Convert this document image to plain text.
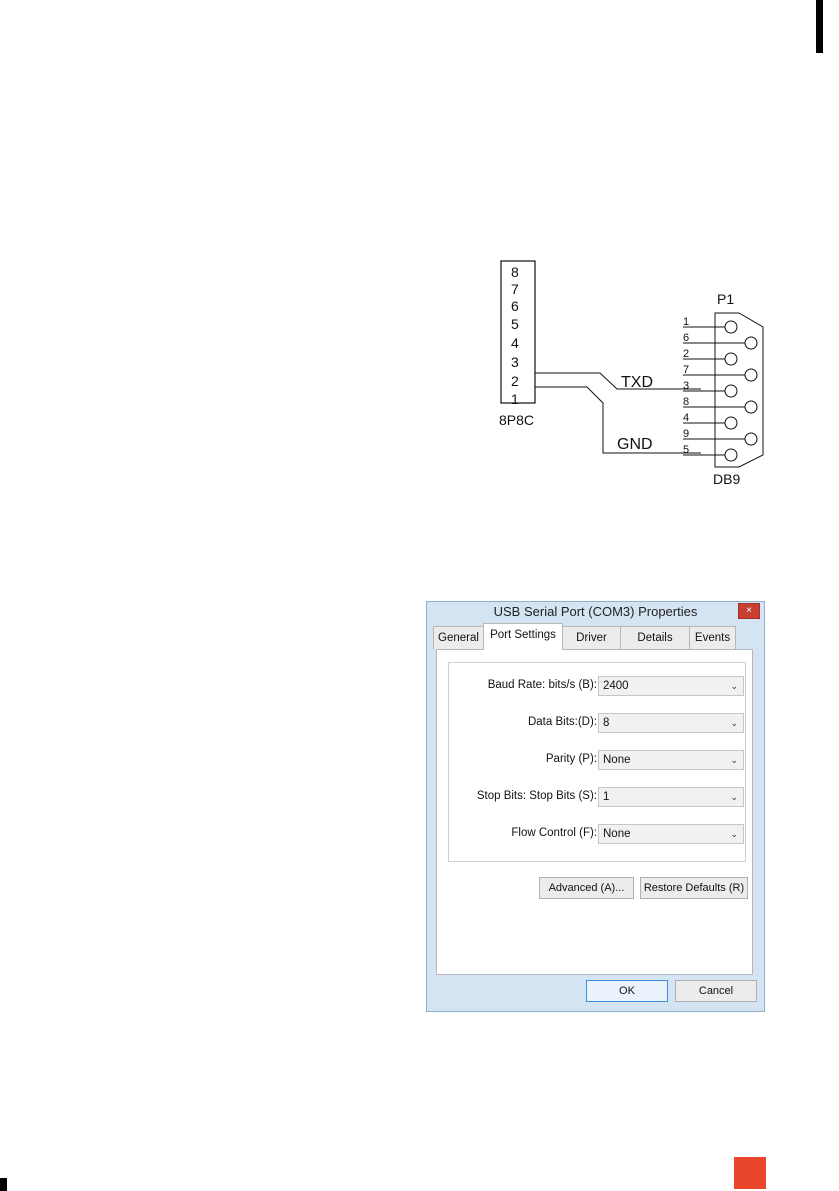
8
7
6
5
4
3
2
1
8P8C
TXD
GND
P1
1
6
2
7
3
8
4
9
5
DB9
USB Serial Port (COM3) Properties	×
General Port Settings	Driver	Details	Events
Baud Rate: bits/s (B): 2400	⌄
Data Bits:(D): 8	⌄
Parity (P): None	⌄
Stop Bits: Stop Bits (S): 1	⌄
Flow Control (F): None	⌄
Advanced (A)...	Restore Defaults (R)
OK	Cancel
